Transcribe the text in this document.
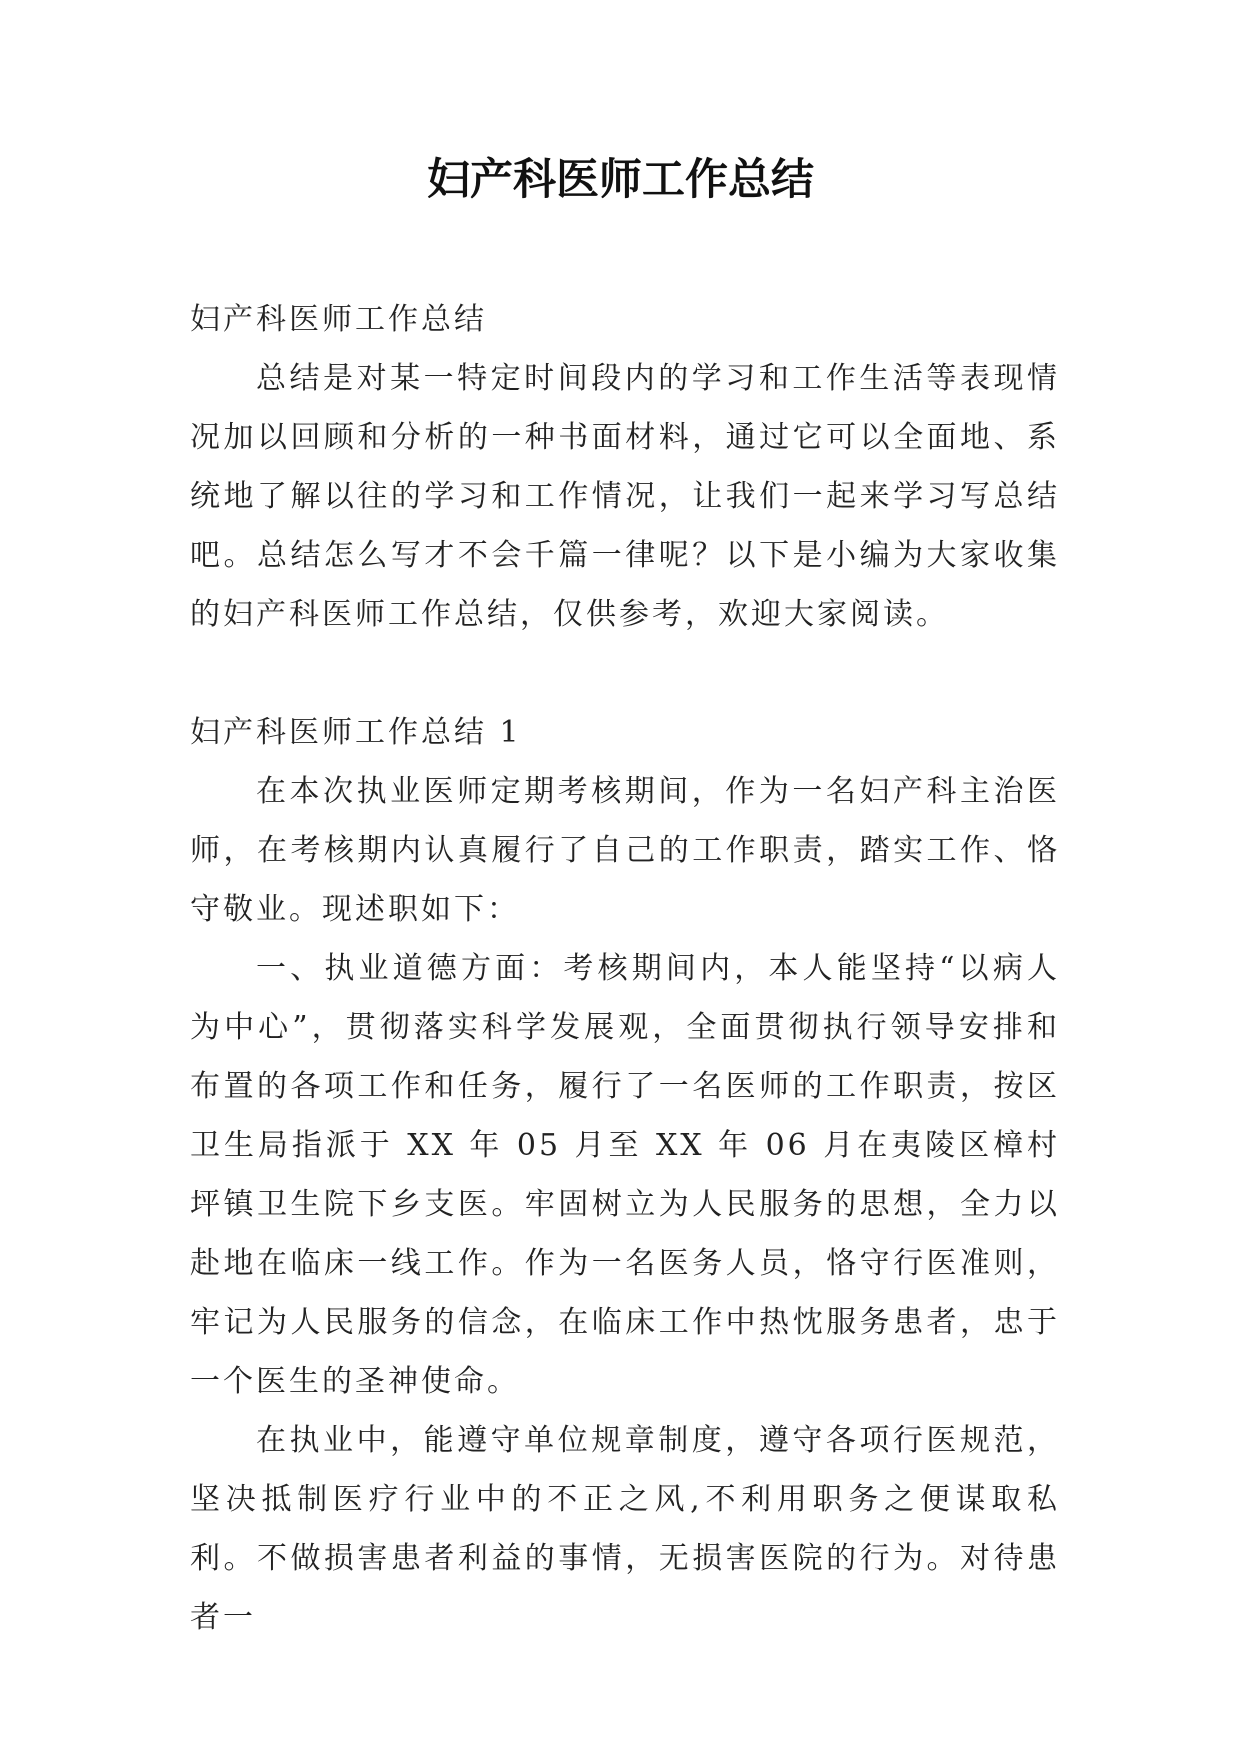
妇产科医师工作总结

妇产科医师工作总结

总结是对某一特定时间段内的学习和工作生活等表现情况加以回顾和分析的一种书面材料，通过它可以全面地、系统地了解以往的学习和工作情况，让我们一起来学习写总结吧。总结怎么写才不会千篇一律呢？以下是小编为大家收集的妇产科医师工作总结，仅供参考，欢迎大家阅读。

妇产科医师工作总结 1

在本次执业医师定期考核期间，作为一名妇产科主治医师，在考核期内认真履行了自己的工作职责，踏实工作、恪守敬业。现述职如下：

一、执业道德方面：考核期间内，本人能坚持“以病人为中心”，贯彻落实科学发展观，全面贯彻执行领导安排和布置的各项工作和任务，履行了一名医师的工作职责，按区卫生局指派于 XX 年 05 月至 XX 年 06 月在夷陵区樟村坪镇卫生院下乡支医。牢固树立为人民服务的思想，全力以赴地在临床一线工作。作为一名医务人员，恪守行医准则，牢记为人民服务的信念，在临床工作中热忱服务患者，忠于一个医生的圣神使命。

在执业中，能遵守单位规章制度，遵守各项行医规范，坚决抵制医疗行业中的不正之风,不利用职务之便谋取私利。不做损害患者利益的事情，无损害医院的行为。对待患者一
